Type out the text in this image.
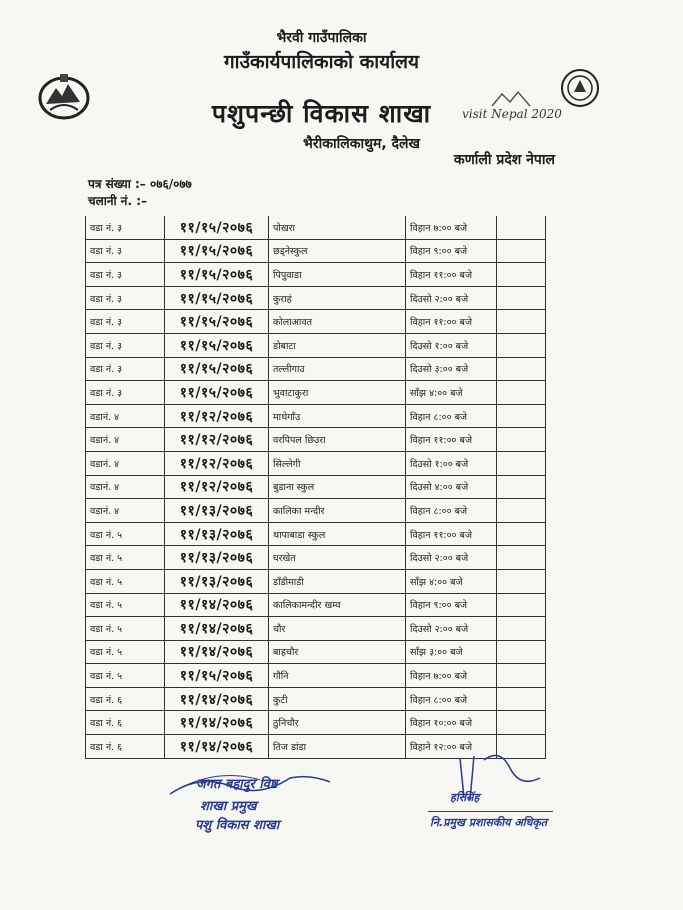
visit Nepal 2020
भैरवी गाउँपालिका
गाउँकार्यपालिकाको कार्यालय
पशुपन्छी विकास शाखा
भैरीकालिकाथुम, दैलेख
कर्णाली प्रदेश नेपाल
पत्र संख्या :– ०७६/०७७
चलानी नं. :–
वडा नं. ३	११/१५/२०७६	पोखरा	विहान ७:०० बजे	
वडा नं. ३	११/१५/२०७६	छड्नेस्कुल	विहान ९:०० बजे	
वडा नं. ३	११/१५/२०७६	पिपुवाडा	विहान ११:०० बजे	
वडा नं. ३	११/१५/२०७६	कुराहं	दिउसो २:०० बजे	
वडा नं. ३	११/१५/२०७६	कोलाआवत	विहान ११:०० बजे	
वडा नं. ३	११/१५/२०७६	डोबाटा	दिउसो १:०० बजे	
वडा नं. ३	११/१५/२०७६	तल्लीगाउ	दिउसो ३:०० बजे	
वडा नं. ३	११/१५/२०७६	भुवाटाकुरा	साँझ ४:०० बजे	
वडानं. ४	११/१२/२०७६	माथेगाँउ	विहान ८:०० बजे	
वडानं. ४	११/१२/२०७६	वरपिपल छिउरा	विहान ११:०० बजे	
वडानं. ४	११/१२/२०७६	सिल्लेगी	दिउसो १:०० बजे	
वडानं. ४	११/१२/२०७६	बुडाना स्कुल	दिउसो ४:०० बजे	
वडानं. ४	११/१३/२०७६	कालिका मन्दीर	विहान ८:०० बजे	
वडा नं. ५	११/१३/२०७६	थापाबाडा स्कुल	विहान ११:०० बजे	
वडा नं. ५	११/१३/२०७६	घरखेत	दिउसो २:०० बजे	
वडा नं. ५	११/१३/२०७६	डाँडीमाडी	साँझ ४:०० बजे	
वडा नं. ५	११/१४/२०७६	कालिकामन्दीर खम्व	विहान ९:०० बजे	
वडा नं. ५	११/१४/२०७६	चौर	दिउसो २:०० बजे	
वडा नं. ५	११/१४/२०७६	बाहचौर	साँझ ३:०० बजे	
वडा नं. ५	११/१५/२०७६	गौनि	विहान ७:०० बजे	
वडा नं. ६	११/१४/२०७६	कुटी	विहान ८:०० बजे	
वडा नं. ६	११/१४/२०७६	ठुनिचौर	विहान १०:०० बजे	
वडा नं. ६	११/१४/२०७६	तिज डांडा	विहाने १२:०० बजे	
जगत बहादुर विष्ट
शाखा प्रमुख
पशु विकास शाखा
हरिसिंह
नि.प्रमुख प्रशासकीय अधिकृत
